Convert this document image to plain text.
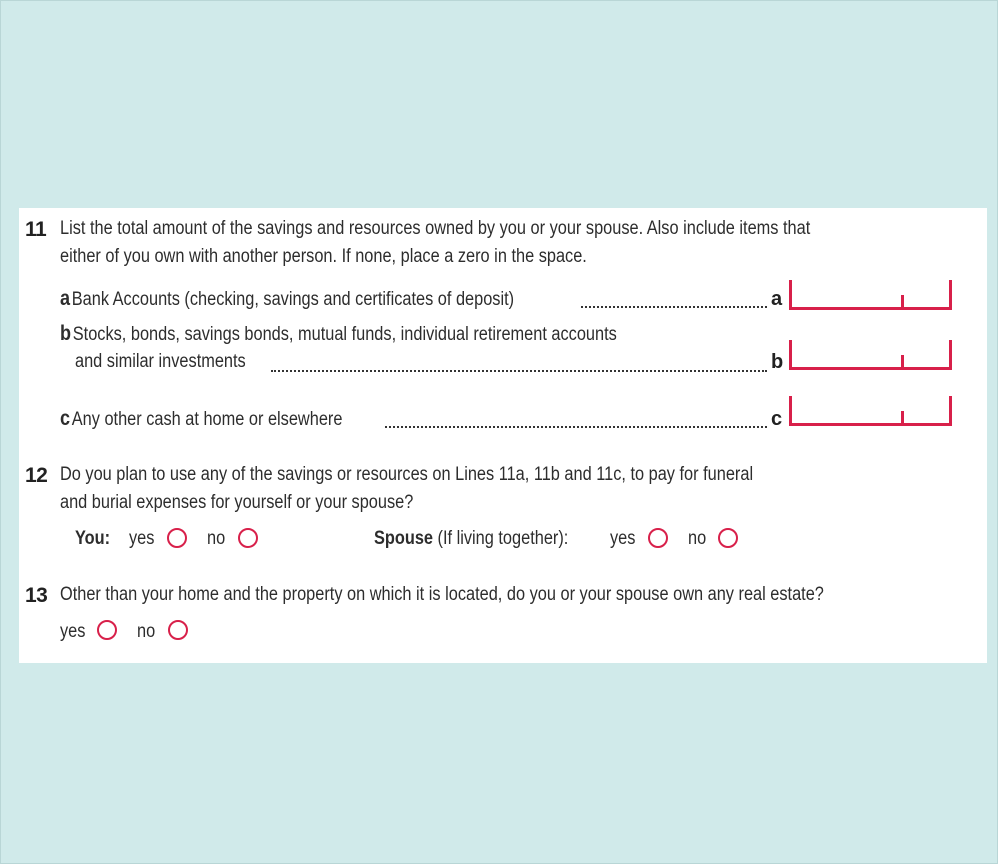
11 List the total amount of the savings and resources owned by you or your spouse. Also include items that
either of you own with another person. If none, place a zero in the space.
aBank Accounts (checking, savings and certificates of deposit)	a
bStocks, bonds, savings bonds, mutual funds, individual retirement accounts
and similar investments	b
cAny other cash at home or elsewhere	c
12 Do you plan to use any of the savings or resources on Lines 11a, 11b and 11c, to pay for funeral
and burial expenses for yourself or your spouse?
You: yes	no	Spouse (If living together): yes	no
13 Other than your home and the property on which it is located, do you or your spouse own any real estate?
yes	no
